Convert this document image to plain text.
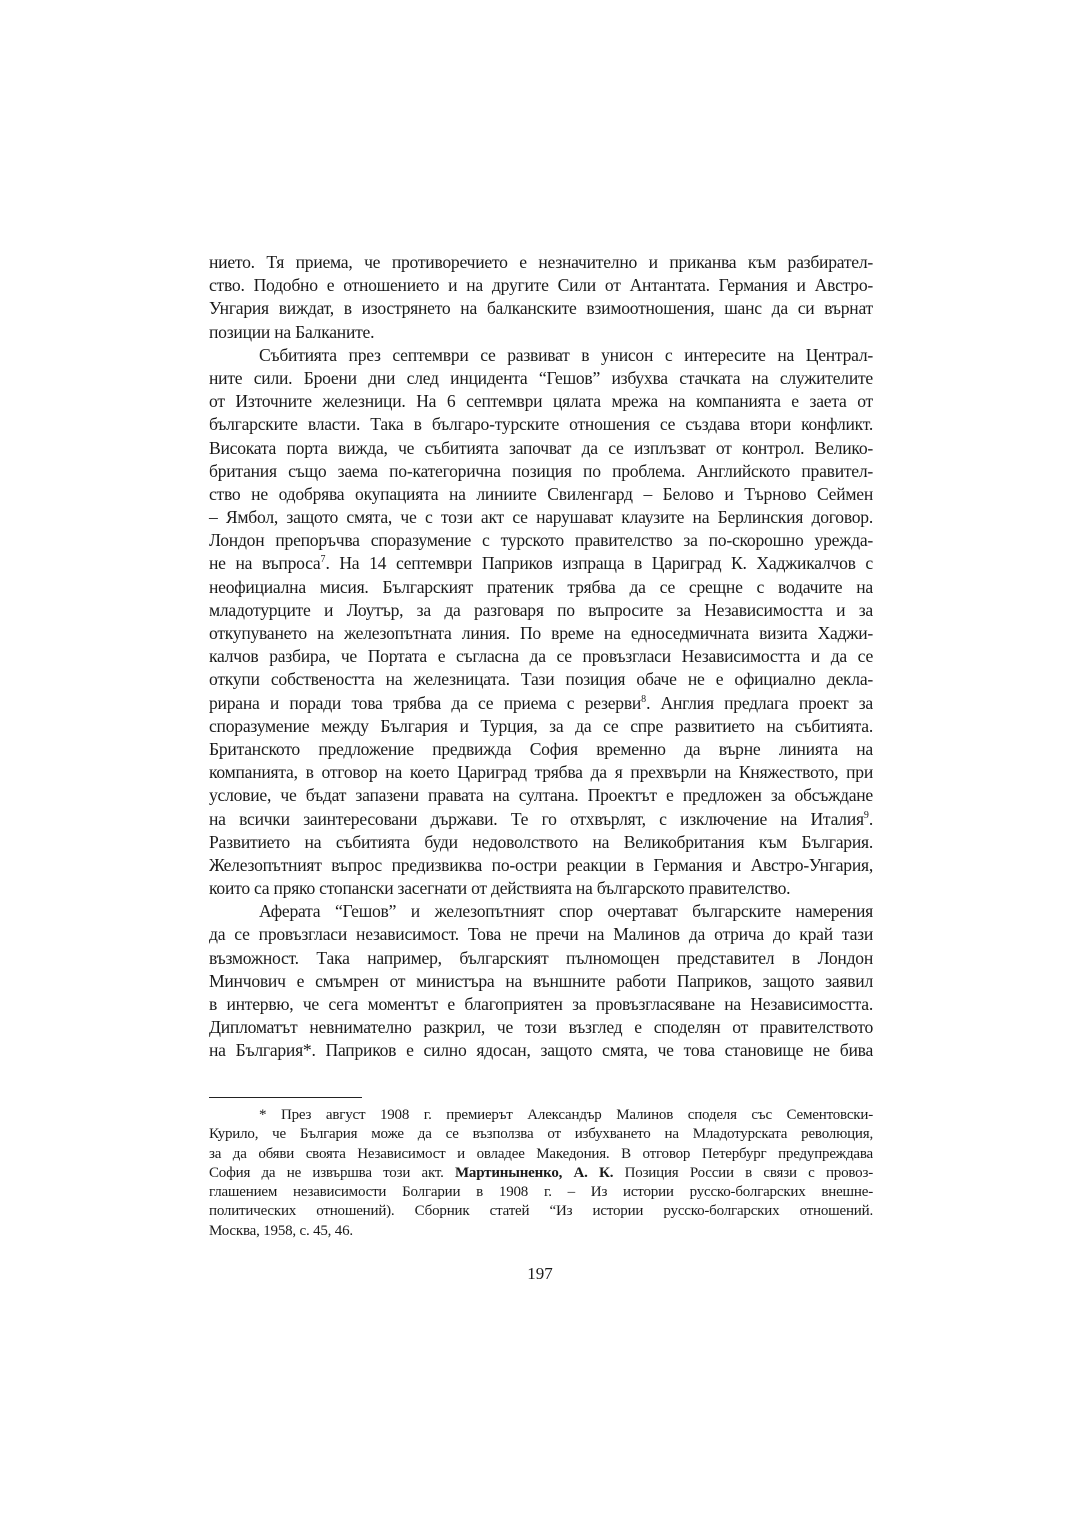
нието. Тя приема, че противоречието е незначително и приканва към разбирател-
ство. Подобно е отношението и на другите Сили от Антантата. Германия и Австро-
Унгария виждат, в изострянето на балканските взимоотношения, шанс да си върнат
позиции на Балканите.
Събитията през септември се развиват в унисон с интересите на Централ-
ните сили. Броени дни след инцидента “Гешов” избухва стачката на служителите
от Източните железници. На 6 септември цялата мрежа на компанията е заета от
българските власти. Така в българо-турските отношения се създава втори конфликт.
Високата порта вижда, че събитията започват да се изплъзват от контрол. Велико-
британия също заема по-категорична позиция по проблема. Английското правител-
ство не одобрява окупацията на линиите Свиленгард – Белово и Търново Сеймен
– Ямбол, защото смята, че с този акт се нарушават клаузите на Берлинския договор.
Лондон препоръчва споразумение с турското правителство за по-скорошно урежда-
не на въпроса$^7$. На 14 септември Паприков изпраща в Цариград К. Хаджикалчов с
неофициална мисия. Българският пратеник трябва да се срещне с водачите на
младотурците и Лоутър, за да разговаря по въпросите за Независимостта и за
откупуването на железопътната линия. По време на едноседмичната визита Хаджи-
калчов разбира, че Портата е съгласна да се провъзгласи Независимостта и да се
откупи собствеността на железницата. Тази позиция обаче не е официално декла-
рирана и поради това трябва да се приема с резерви$^8$. Англия предлага проект за
споразумение между България и Турция, за да се спре развитието на събитията.
Британското предложение предвижда София временно да върне линията на
компанията, в отговор на което Цариград трябва да я прехвърли на Княжеството, при
условие, че бъдат запазени правата на султана. Проектът е предложен за обсъждане
на всички заинтересовани държави. Те го отхвърлят, с изключение на Италия$^9$.
Развитието на събитията буди недоволството на Великобритания към България.
Железопътният въпрос предизвиква по-остри реакции в Германия и Австро-Унгария,
които са пряко стопански засегнати от действията на българското правителство.
Аферата “Гешов” и железопътният спор очертават българските намерения
да се провъзгласи независимост. Това не пречи на Малинов да отрича до край тази
възможност. Така например, българският пълномощен представител в Лондон
Минчович е смъмрен от министъра на външните работи Паприков, защото заявил
в интервю, че сега моментът е благоприятен за провъзгласяване на Независимостта.
Дипломатът невнимателно разкрил, че този възглед е споделян от правителството
на България*. Паприков е силно ядосан, защото смята, че това становище не бива
* През август 1908 г. премиерът Александър Малинов споделя със Сементовски-
Курило, че България може да се възползва от избухването на Младотурската революция,
за да обяви своята Независимост и овладее Македония. В отговор Петербург предупреждава
София да не извършва този акт. Мартиныненко, А. К. Позиция России в связи с провоз-
глашением независимости Болгарии в 1908 г. – Из истории русско-болгарских внешне-
политических отношений). Сборник статей “Из истории русско-болгарских отношений.
Москва, 1958, с. 45, 46.
197
